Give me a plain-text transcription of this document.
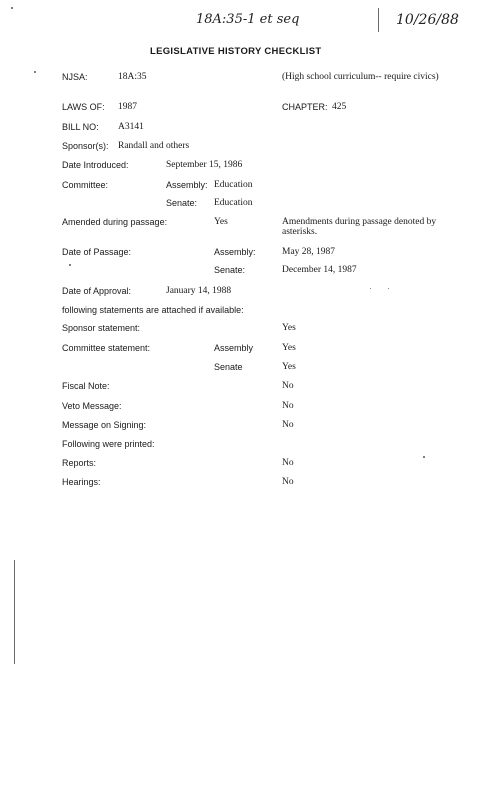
18A:35-1 et seq	10/26/88
LEGISLATIVE HISTORY CHECKLIST
NJSA:	18A:35	(High school curriculum-- require civics)
LAWS OF: 1987	CHAPTER: 425
BILL NO: A3141
Sponsor(s): Randall and others
Date Introduced:	September 15, 1986
Committee:	Assembly: Education
Senate: Education
Amended during passage:	Yes	Amendments during passage denoted by asterisks.
Date of Passage:	Assembly:	May 28, 1987
Senate:	December 14, 1987
Date of Approval:	January 14, 1988
following statements are attached if available:
Sponsor statement:	Yes
Committee statement:	Assembly	Yes
Senate	Yes
Fiscal Note:	No
Veto Message:	No
Message on Signing:	No
Following were printed:
Reports:	No
Hearings:	No
